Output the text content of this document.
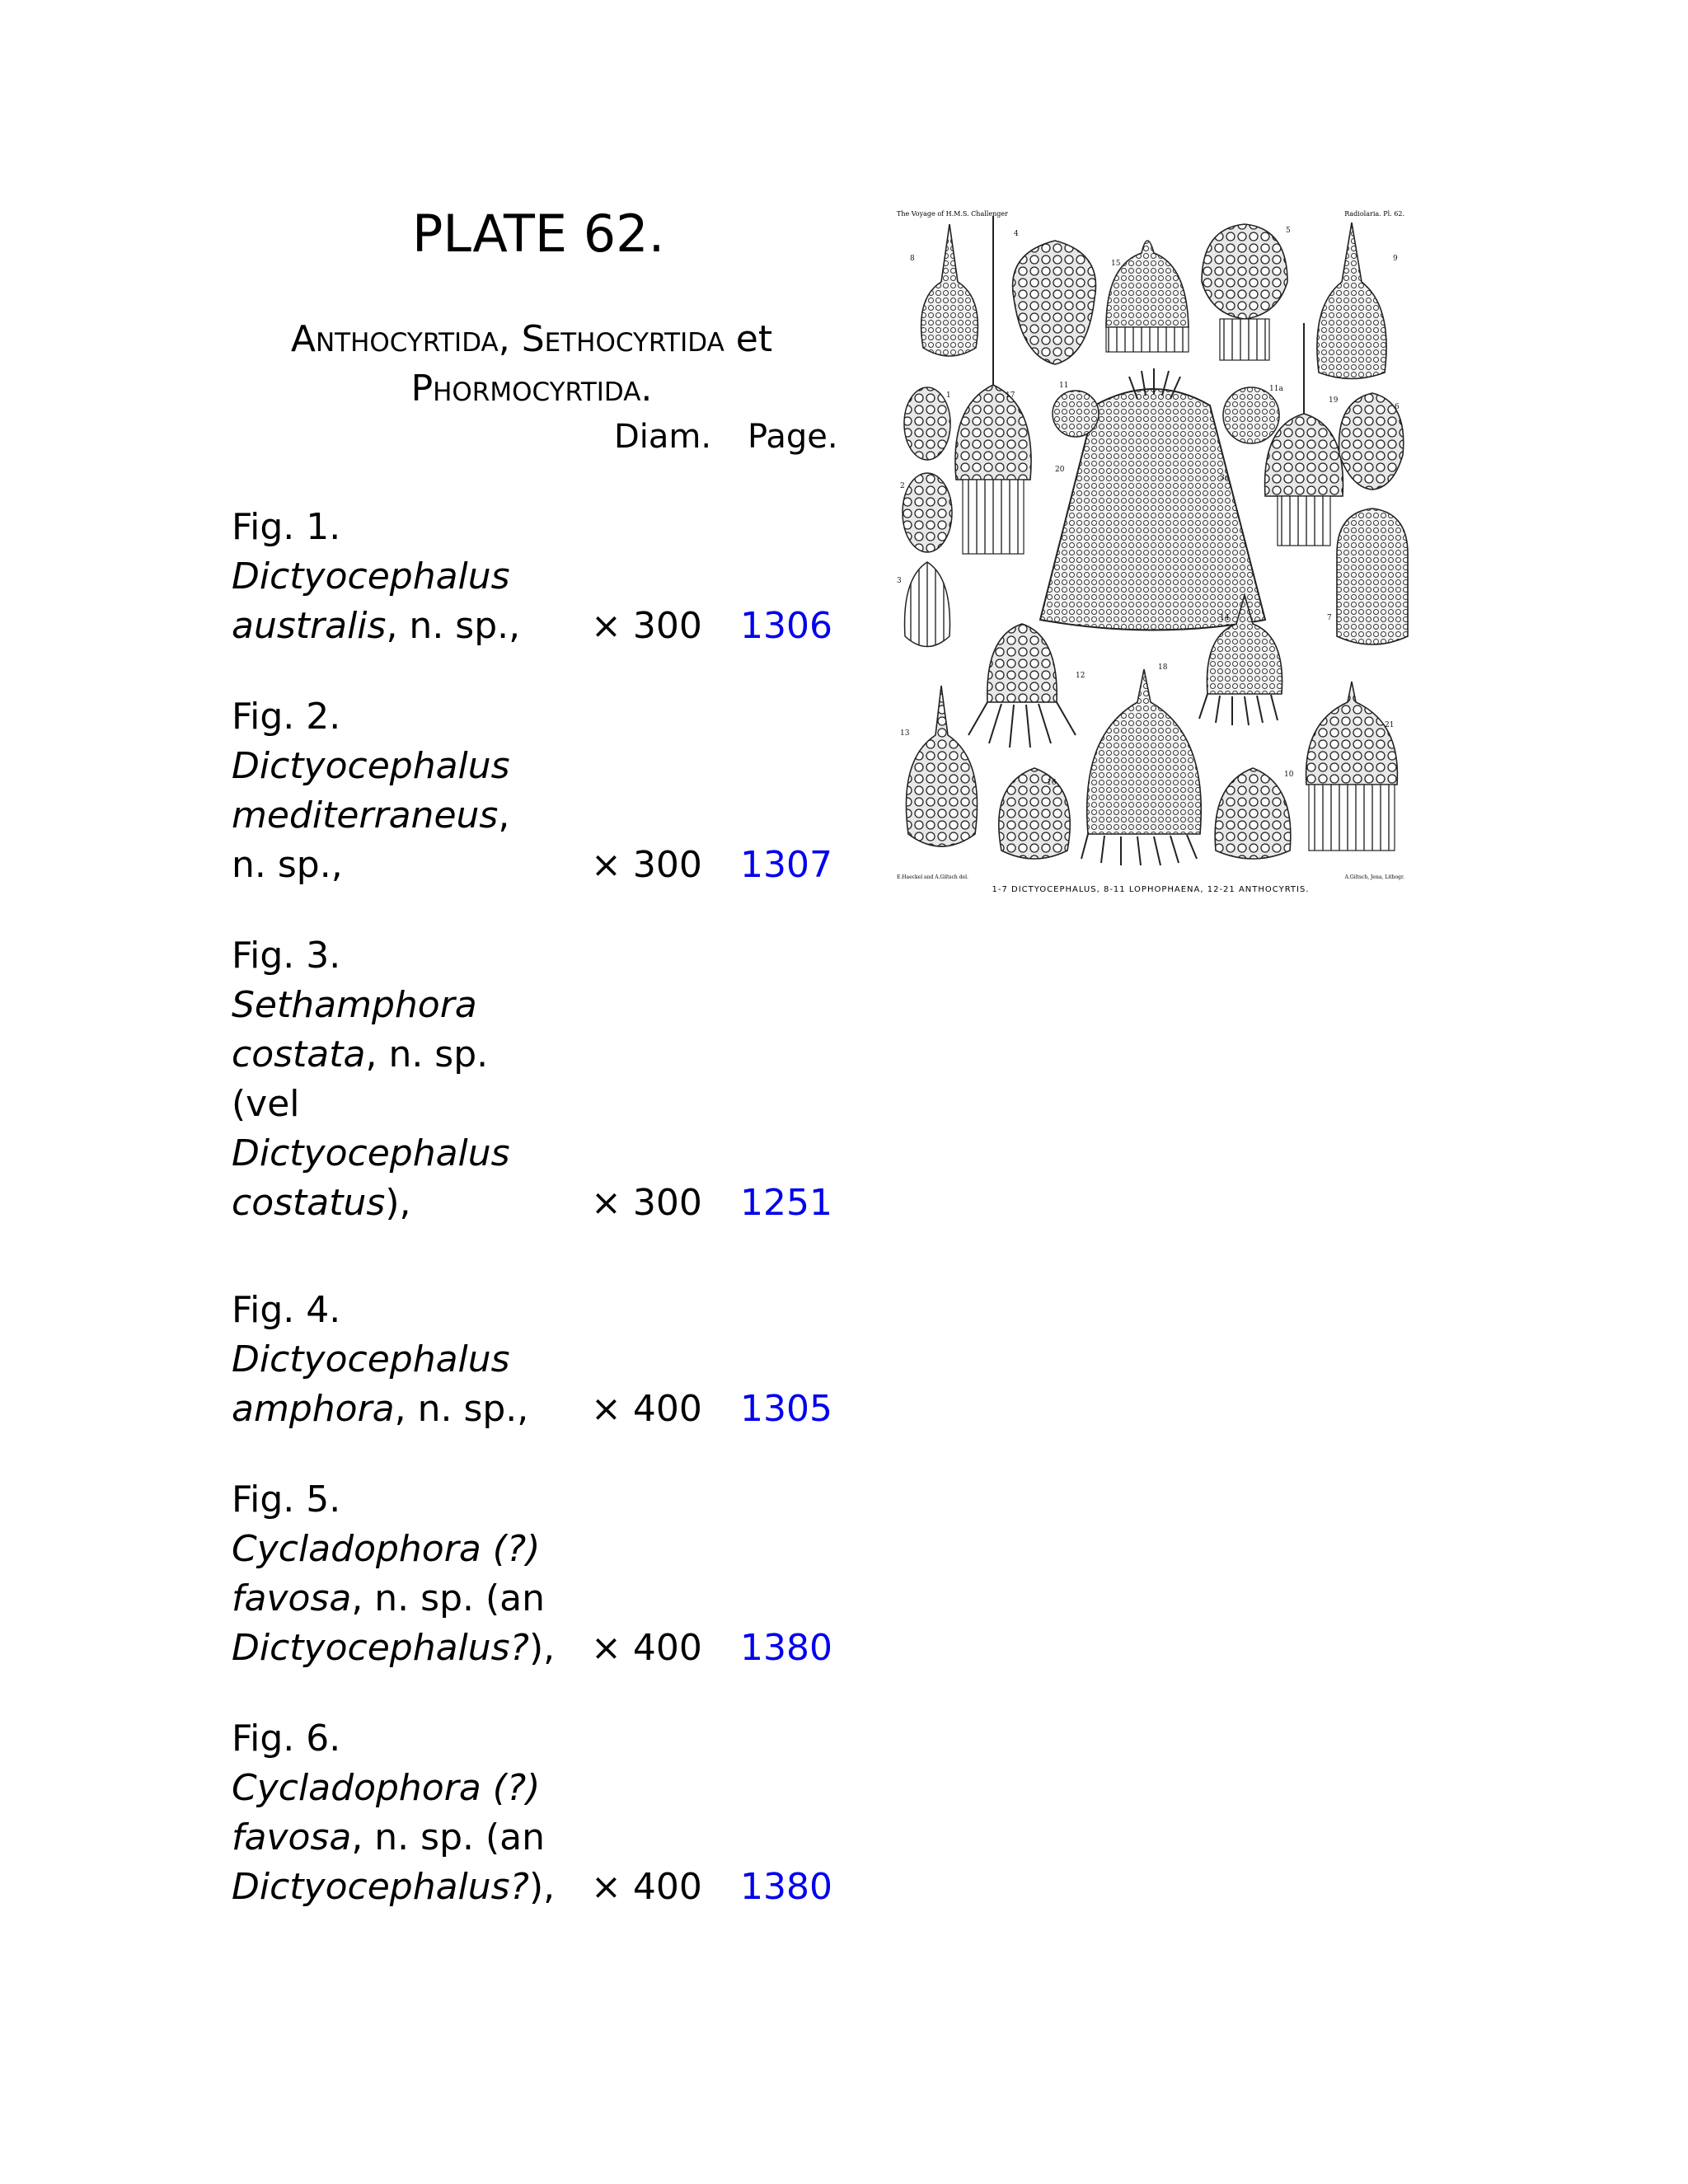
PLATE 62.
Anthocyrtida, Sethocyrtida et
Phormocyrtida.
Diam. Page.
Fig. 1.
Dictyocephalus
australis, n. sp., × 300 1306
Fig. 2.
Dictyocephalus
mediterraneus,
n. sp.,	× 300 1307
Fig. 3.
Sethamphora
costata, n. sp.
(vel
Dictyocephalus
costatus),	× 300 1251
Fig. 4.
Dictyocephalus
amphora, n. sp., × 400 1305
Fig. 5.
Cycladophora (?)
favosa, n. sp. (an
Dictyocephalus?), × 400 1380
Fig. 6.
Cycladophora (?)
favosa, n. sp. (an
Dictyocephalus?), × 400 1380
The Voyage of H.M.S. Challenger	Radiolaria. Pl. 62.
8
4
15
5
9
1	17
11	11a
19
6
2
20
3a
3
7
14
12
18
13
16
10
21
E.Haeckel and A.Giltsch del.	A.Giltsch, Jena, Lithogr.
1-7 DICTYOCEPHALUS, 8-11 LOPHOPHAENA, 12-21 ANTHOCYRTIS.
